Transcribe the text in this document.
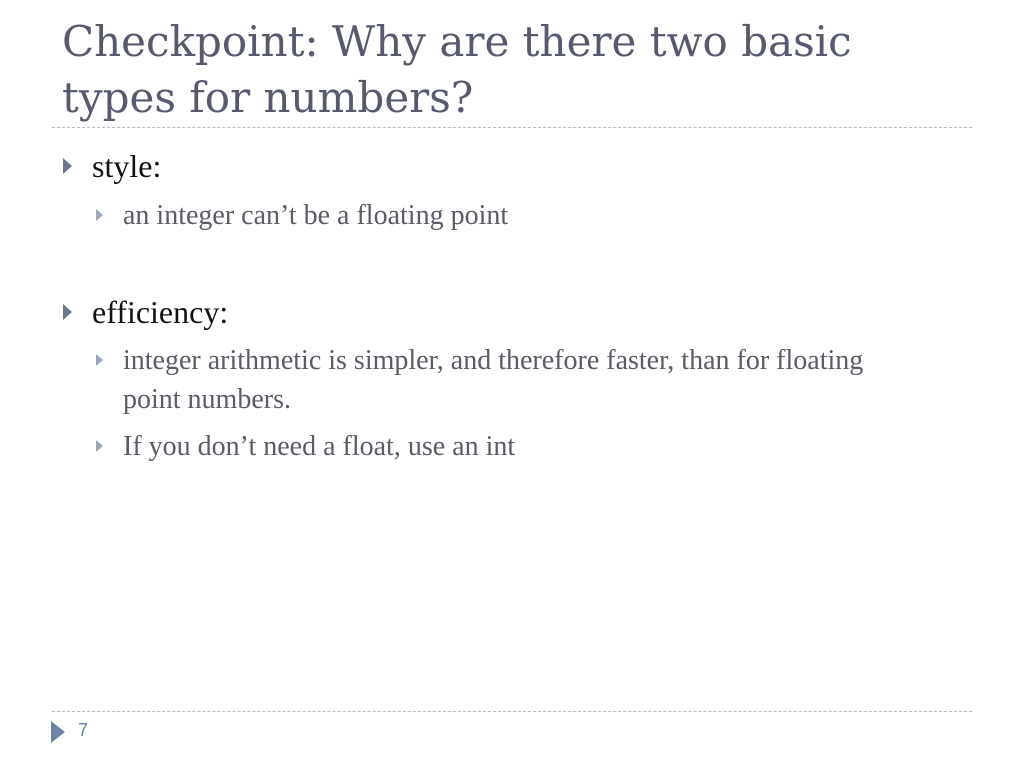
Checkpoint: Why are there two basic types for numbers?
style:
an integer can’t be a floating point
efficiency:
integer arithmetic is simpler, and therefore faster, than for floating point numbers.
If you don’t need a float, use an int
7
